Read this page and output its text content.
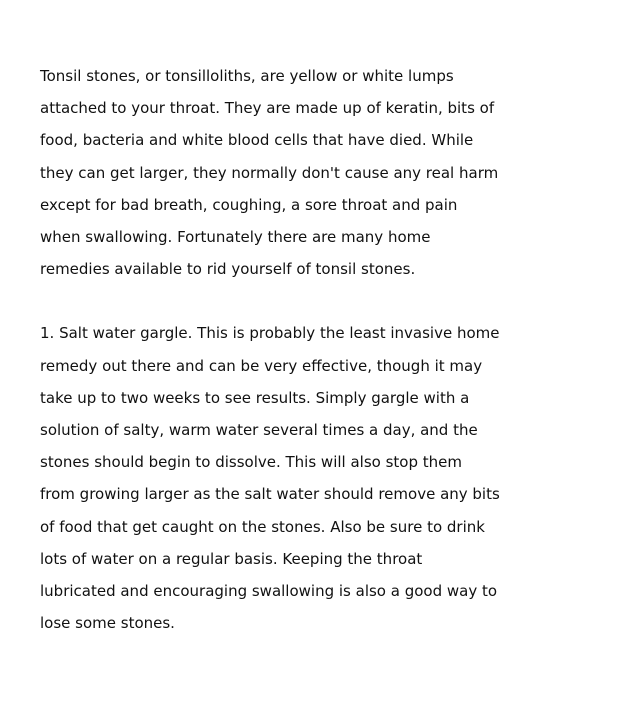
Tonsil stones, or tonsilloliths, are yellow or white lumps
attached to your throat. They are made up of keratin, bits of
food, bacteria and white blood cells that have died. While
they can get larger, they normally don't cause any real harm
except for bad breath, coughing, a sore throat and pain
when swallowing. Fortunately there are many home
remedies available to rid yourself of tonsil stones.

1. Salt water gargle. This is probably the least invasive home
remedy out there and can be very effective, though it may
take up to two weeks to see results. Simply gargle with a
solution of salty, warm water several times a day, and the
stones should begin to dissolve. This will also stop them
from growing larger as the salt water should remove any bits
of food that get caught on the stones. Also be sure to drink
lots of water on a regular basis. Keeping the throat
lubricated and encouraging swallowing is also a good way to
lose some stones.
